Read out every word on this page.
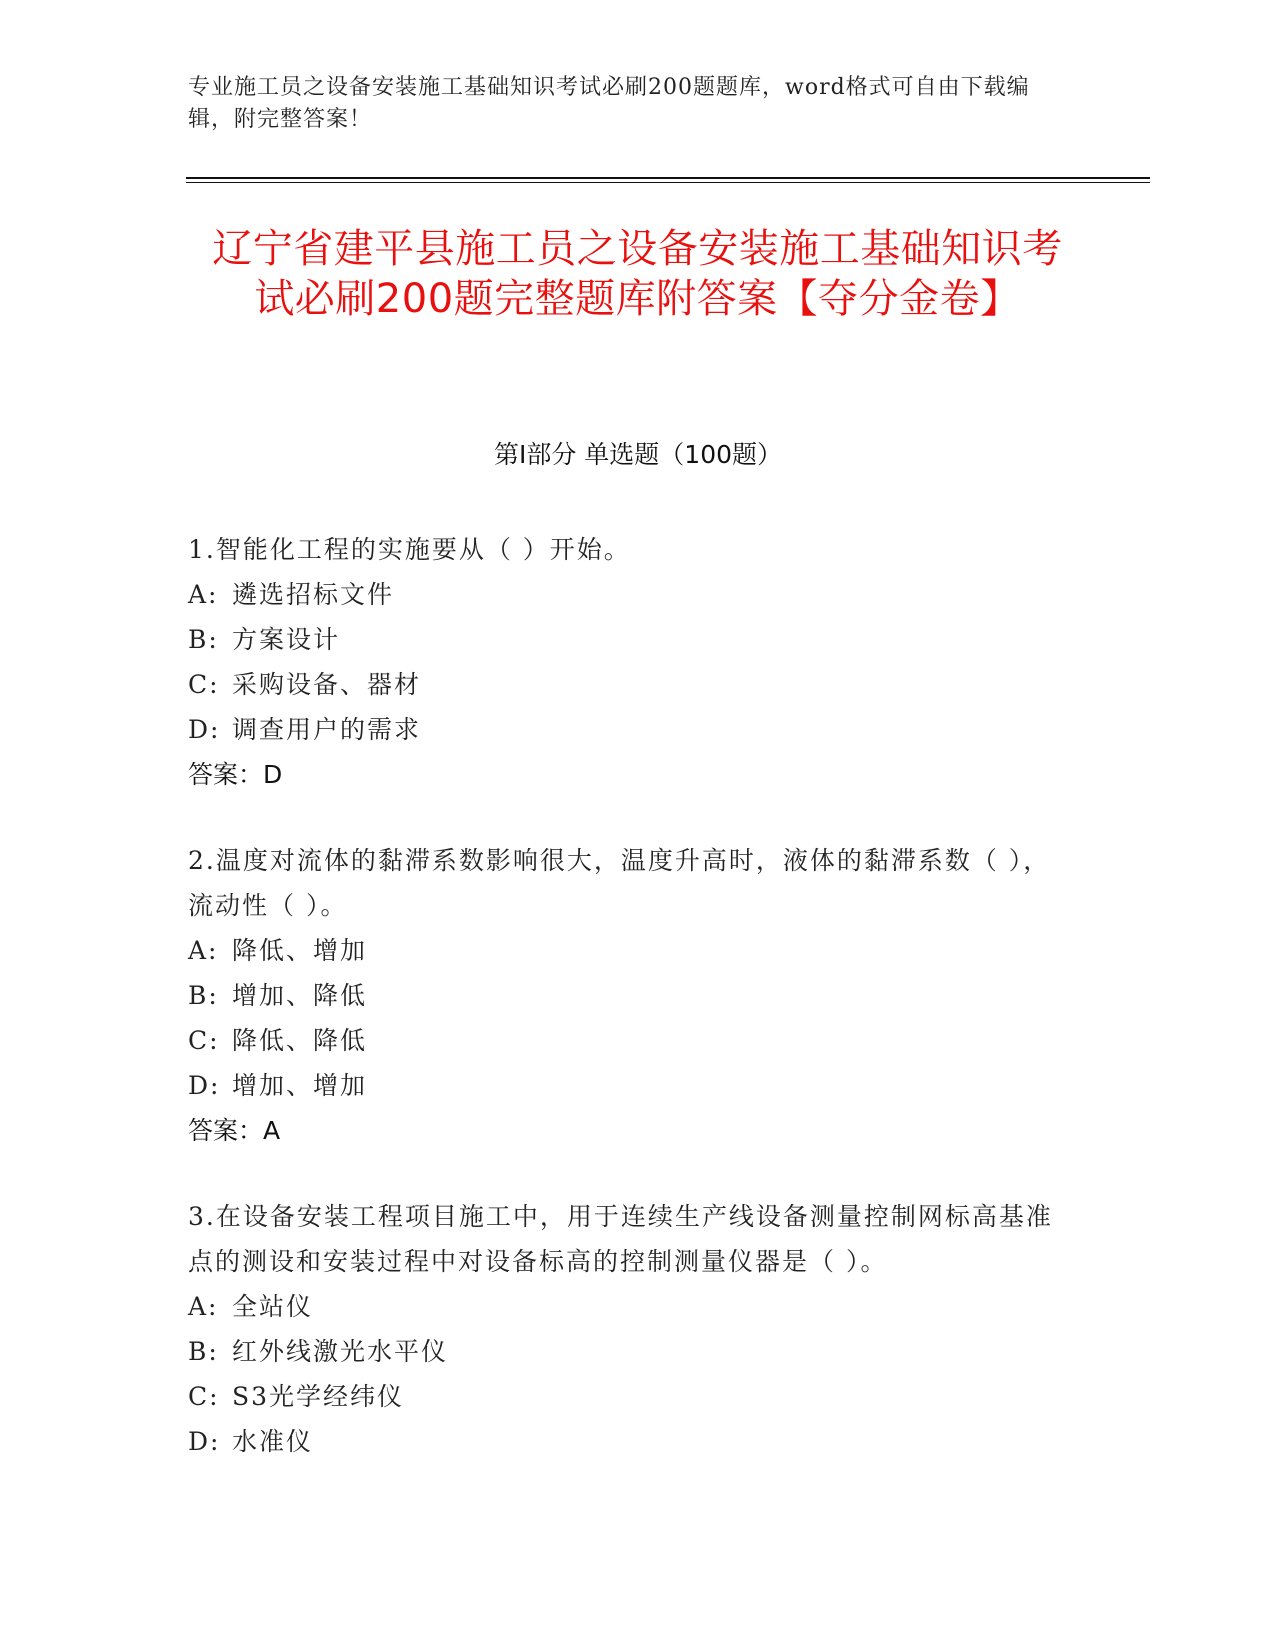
专业施工员之设备安装施工基础知识考试必刷200题题库，word格式可自由下载编辑，附完整答案！
辽宁省建平县施工员之设备安装施工基础知识考试必刷200题完整题库附答案【夺分金卷】
第I部分 单选题（100题）
1.智能化工程的实施要从（ ）开始。
A: 遴选招标文件
B: 方案设计
C: 采购设备、器材
D: 调查用户的需求
答案：D
2.温度对流体的黏滞系数影响很大，温度升高时，液体的黏滞系数（ ），流动性（ ）。
A: 降低、增加
B: 增加、降低
C: 降低、降低
D: 增加、增加
答案：A
3.在设备安装工程项目施工中，用于连续生产线设备测量控制网标高基准点的测设和安装过程中对设备标高的控制测量仪器是（ ）。
A: 全站仪
B: 红外线激光水平仪
C: S3光学经纬仪
D: 水准仪
